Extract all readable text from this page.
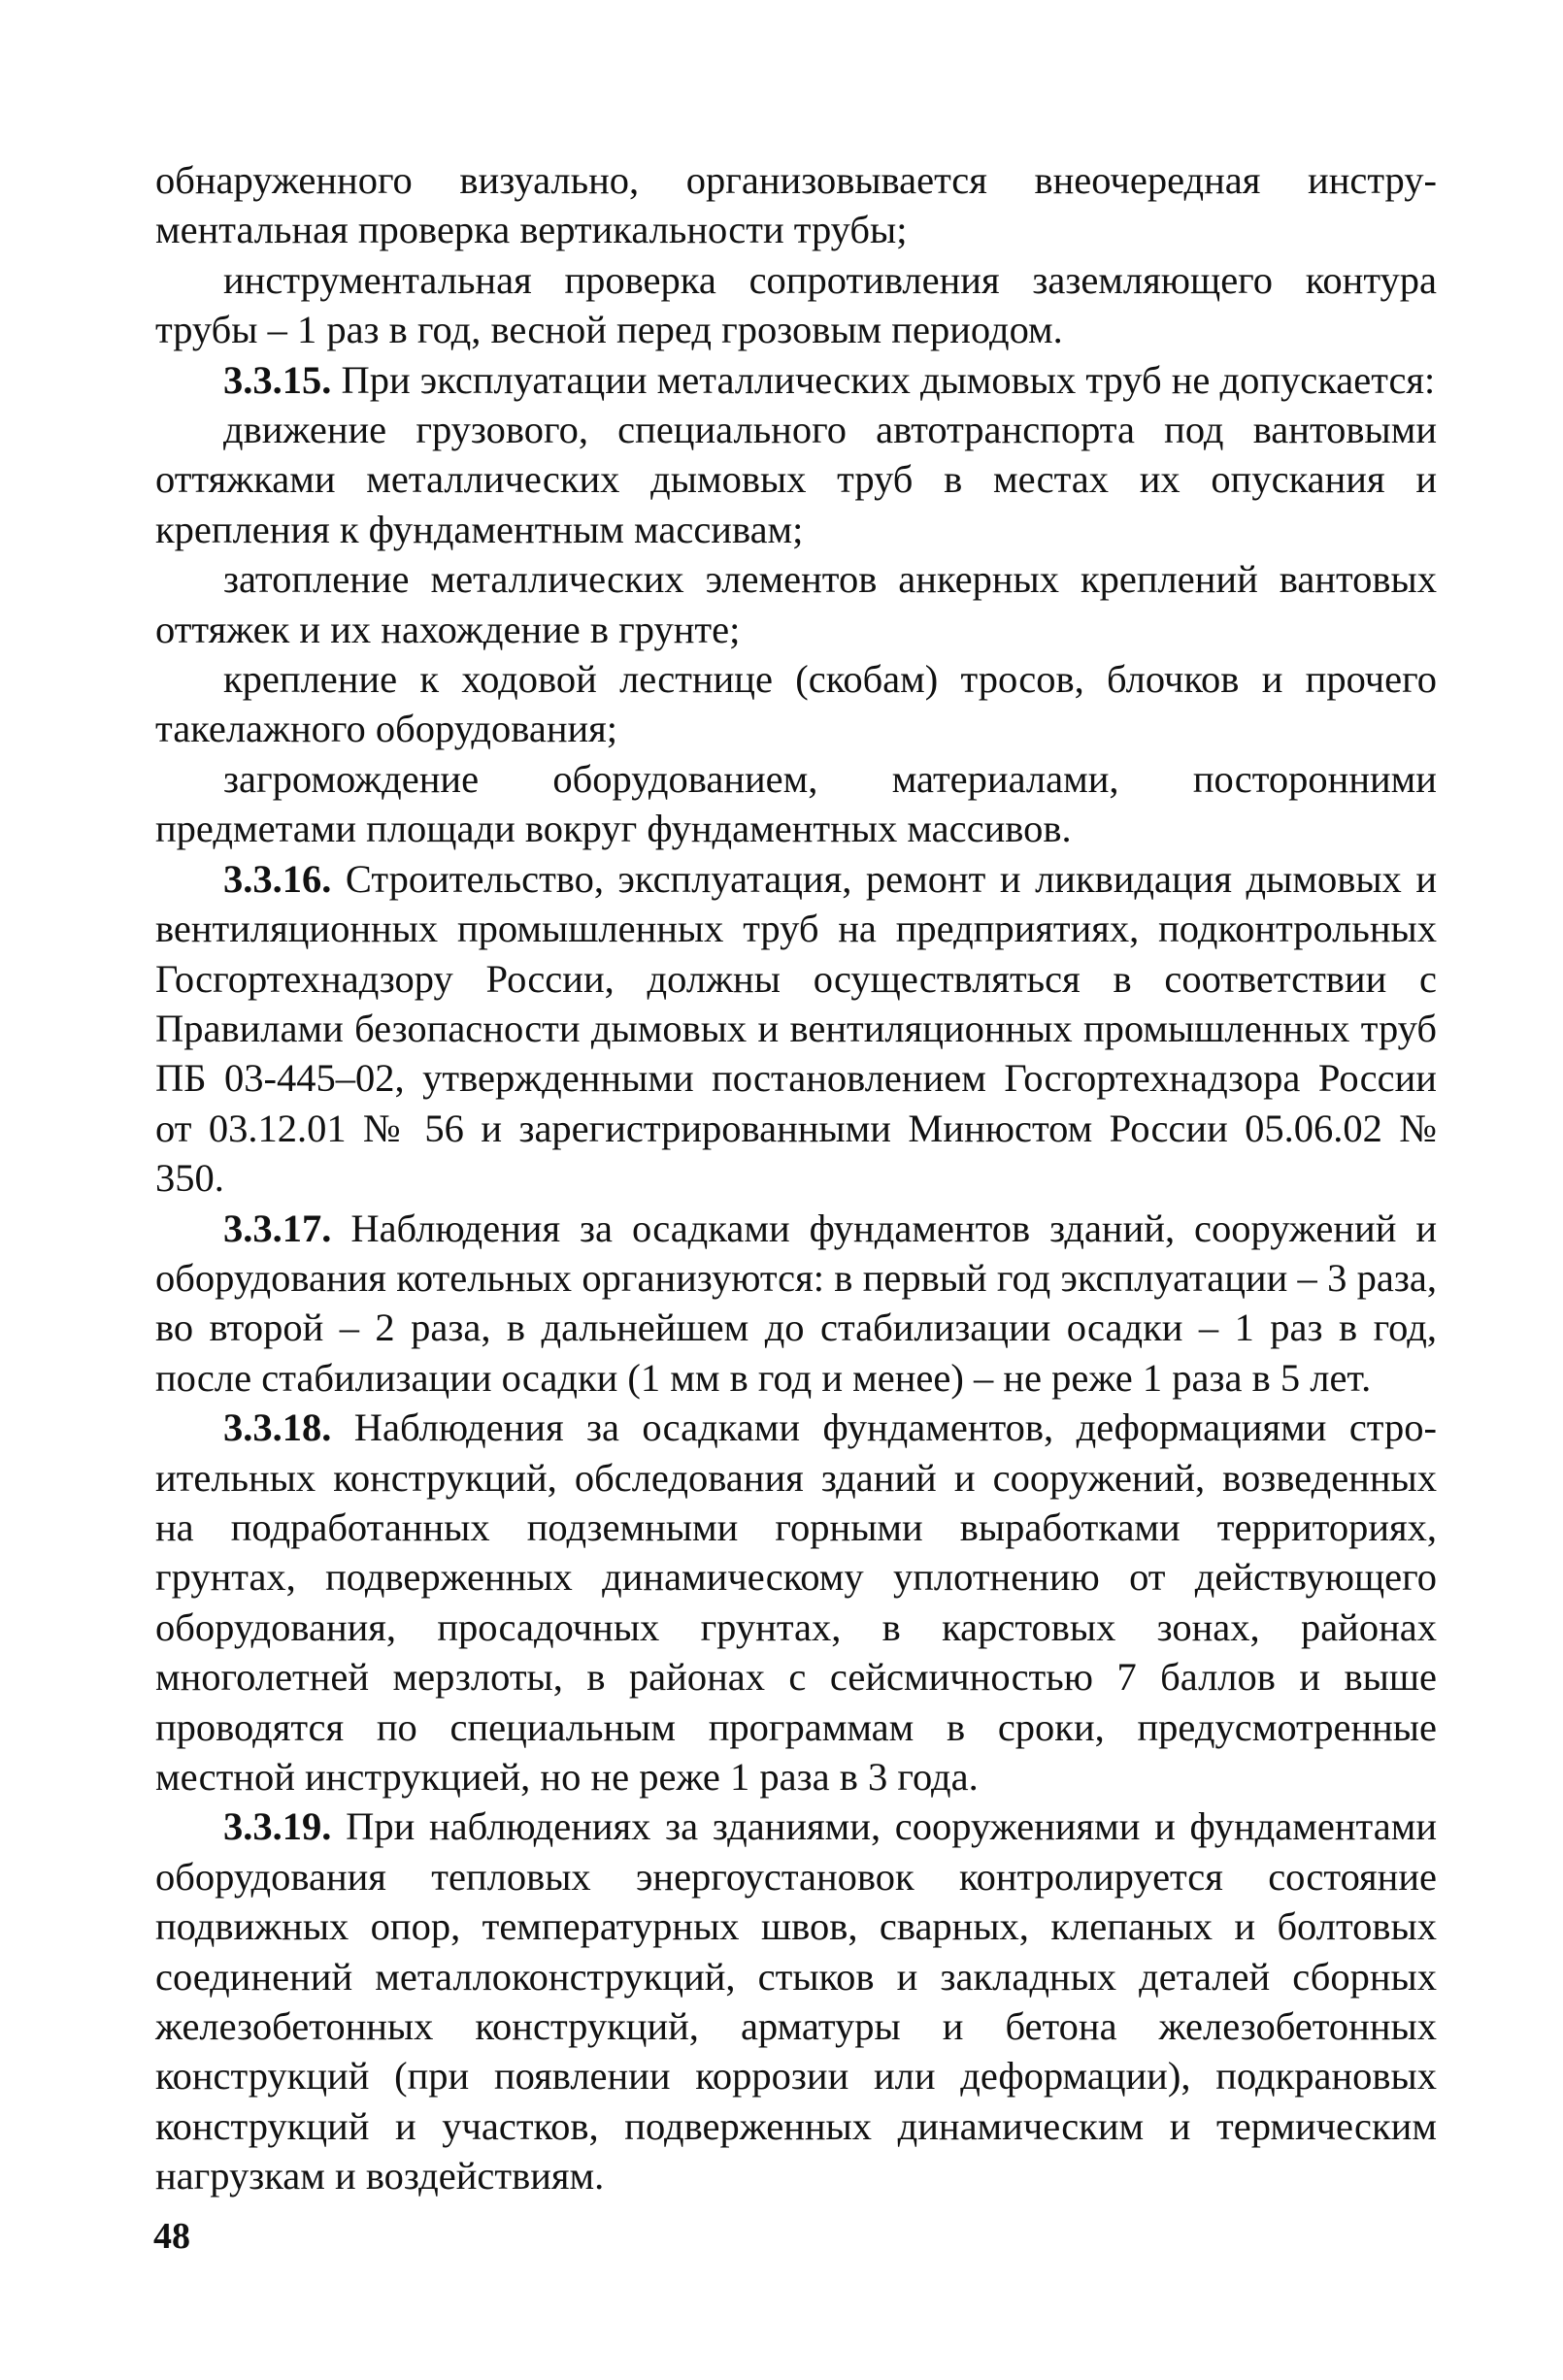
обнаруженного визуально, организовывается внеочередная инструментальная проверка вертикальности трубы;

инструментальная проверка сопротивления заземляющего контура трубы – 1 раз в год, весной перед грозовым периодом.

3.3.15. При эксплуатации металлических дымовых труб не допускается:

движение грузового, специального автотранспорта под вантовыми оттяжками металлических дымовых труб в местах их опускания и крепления к фундаментным массивам;

затопление металлических элементов анкерных креплений вантовых оттяжек и их нахождение в грунте;

крепление к ходовой лестнице (скобам) тросов, блочков и прочего такелажного оборудования;

загромождение оборудованием, материалами, посторонними предметами площади вокруг фундаментных массивов.

3.3.16. Строительство, эксплуатация, ремонт и ликвидация дымовых и вентиляционных промышленных труб на предприятиях, подконтрольных Госгортехнадзору России, должны осуществляться в соответствии с Правилами безопасности дымовых и вентиляционных промышленных труб ПБ 03-445–02, утвержденными постановлением Госгортехнадзора России от 03.12.01 № 56 и зарегистрированными Минюстом России 05.06.02 № 350.

3.3.17. Наблюдения за осадками фундаментов зданий, сооружений и оборудования котельных организуются: в первый год эксплуатации – 3 раза, во второй – 2 раза, в дальнейшем до стабилизации осадки – 1 раз в год, после стабилизации осадки (1 мм в год и менее) – не реже 1 раза в 5 лет.

3.3.18. Наблюдения за осадками фундаментов, деформациями строительных конструкций, обследования зданий и сооружений, возведенных на подработанных подземными горными выработками территориях, грунтах, подверженных динамическому уплотнению от действующего оборудования, просадочных грунтах, в карстовых зонах, районах многолетней мерзлоты, в районах с сейсмичностью 7 баллов и выше проводятся по специальным программам в сроки, предусмотренные местной инструкцией, но не реже 1 раза в 3 года.

3.3.19. При наблюдениях за зданиями, сооружениями и фундаментами оборудования тепловых энергоустановок контролируется состояние подвижных опор, температурных швов, сварных, клепаных и болтовых соединений металлоконструкций, стыков и закладных деталей сборных железобетонных конструкций, арматуры и бетона железобетонных конструкций (при появлении коррозии или деформации), подкрановых конструкций и участков, подверженных динамическим и термическим нагрузкам и воздействиям.

48
